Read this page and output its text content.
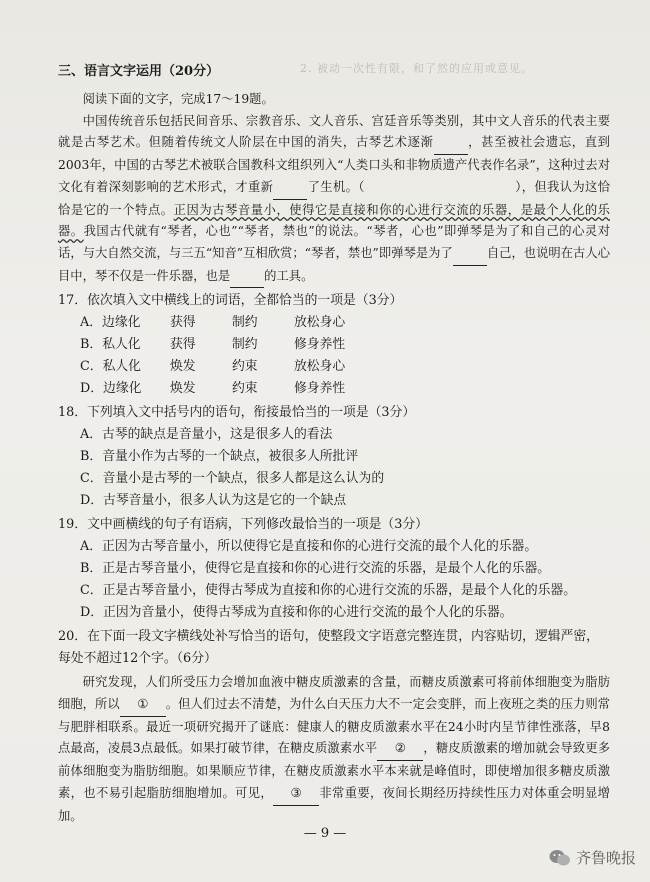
2. 被动一次性有限，和了然的应用或意见。
三、语言文字运用（20分）

阅读下面的文字，完成17～19题。

中国传统音乐包括民间音乐、宗教音乐、文人音乐、宫廷音乐等类别，其中文人音乐的代表主要就是古琴艺术。但随着传统文人阶层在中国的消失，古琴艺术逐渐	，甚至被社会遗忘，直到2003年，中国的古琴艺术被联合国教科文组织列入“人类口头和非物质遗产代表作名录”，这种过去对文化有着深刻影响的艺术形式，才重新	了生机。（	），但我认为这恰恰是它的一个特点。正因为古琴音量小，使得它是直接和你的心进行交流的乐器，是最个人化的乐器。我国古代就有“琴者，心也”“琴者，禁也”的说法。“琴者，心也”即弹琴是为了和自己的心灵对话，与大自然交流，与三五“知音”互相欣赏；“琴者，禁也”即弹琴是为了	自己，也说明在古人心目中，琴不仅是一件乐器，也是	的工具。

17．依次填入文中横线上的词语，全都恰当的一项是（3分）

A．边缘化 获得	制约	放松身心
B．私人化 获得	制约	修身养性
C．私人化 焕发	约束	放松身心
D．边缘化 焕发	约束	修身养性

18．下列填入文中括号内的语句，衔接最恰当的一项是（3分）

A．古琴的缺点是音量小，这是很多人的看法
B．音量小作为古琴的一个缺点，被很多人所批评
C．音量小是古琴的一个缺点，很多人都是这么认为的
D．古琴音量小，很多人认为这是它的一个缺点

19．文中画横线的句子有语病，下列修改最恰当的一项是（3分）

A．正因为古琴音量小，所以使得它是直接和你的心进行交流的最个人化的乐器。
B．正是古琴音量小，使得它是直接和你的心进行交流的乐器，是最个人化的乐器。
C．正是古琴音量小，使得古琴成为直接和你的心进行交流的乐器，是最个人化的乐器。
D．正因为音量小，使得古琴成为直接和你的心进行交流的最个人化的乐器。

20．在下面一段文字横线处补写恰当的语句，使整段文字语意完整连贯，内容贴切，逻辑严密，每处不超过12个字。（6分）

研究发现，人们所受压力会增加血液中糖皮质激素的含量，而糖皮质激素可将前体细胞变为脂肪细胞，所以 ① 。但人们过去不清楚，为什么白天压力大不一定会变胖，而上夜班之类的压力则常与肥胖相联系。最近一项研究揭开了谜底：健康人的糖皮质激素水平在24小时内呈节律性涨落，早8点最高，凌晨3点最低。如果打破节律，在糖皮质激素水平 ② ，糖皮质激素的增加就会导致更多前体细胞变为脂肪细胞。如果顺应节律，在糖皮质激素水平本来就是峰值时，即使增加很多糖皮质激素，也不易引起脂肪细胞增加。可见， ③ 非常重要，夜间长期经历持续性压力对体重会明显增加。

— 9 —
齐鲁晚报
